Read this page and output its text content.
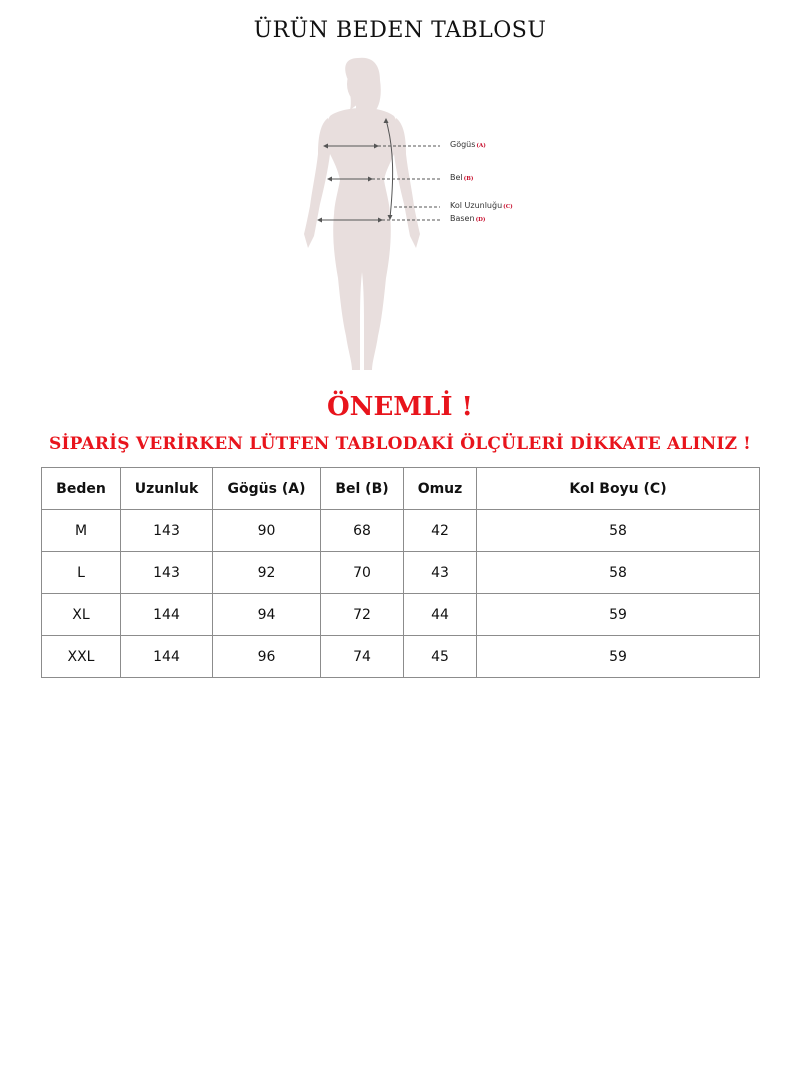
ÜRÜN BEDEN TABLOSU
Gögüs(A)
Bel(B)
Kol Uzunluğu(C)
Basen(D)
ÖNEMLİ !
SİPARİŞ VERİRKEN LÜTFEN TABLODAKİ ÖLÇÜLERİ DİKKATE ALINIZ !
Beden	Uzunluk	Gögüs (A)	Bel (B)	Omuz	Kol Boyu (C)
M	143	90	68	42	58
L	143	92	70	43	58
XL	144	94	72	44	59
XXL	144	96	74	45	59
